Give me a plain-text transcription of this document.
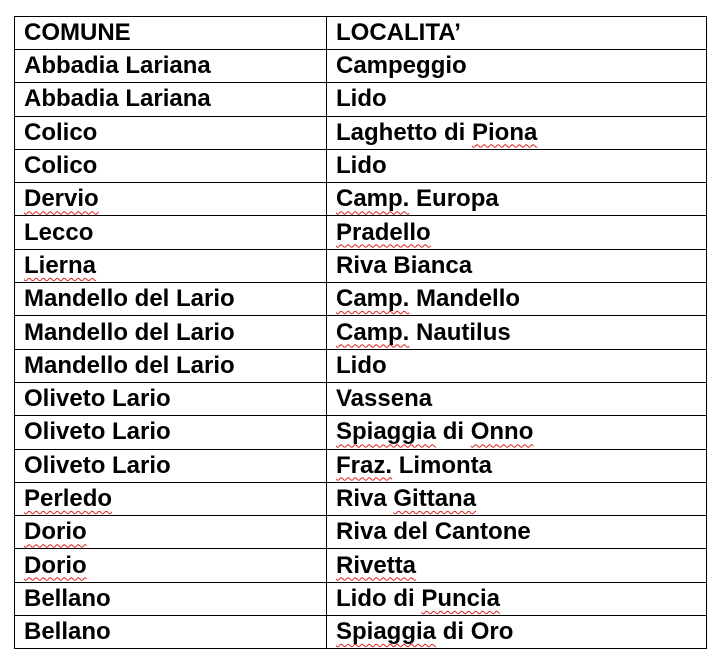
COMUNE	LOCALITA’
Abbadia Lariana	Campeggio
Abbadia Lariana	Lido
Colico	Laghetto di Piona
Colico	Lido
Dervio	Camp. Europa
Lecco	Pradello
Lierna	Riva Bianca
Mandello del Lario	Camp. Mandello
Mandello del Lario	Camp. Nautilus
Mandello del Lario	Lido
Oliveto Lario	Vassena
Oliveto Lario	Spiaggia di Onno
Oliveto Lario	Fraz. Limonta
Perledo	Riva Gittana
Dorio	Riva del Cantone
Dorio	Rivetta
Bellano	Lido di Puncia
Bellano	Spiaggia di Oro
